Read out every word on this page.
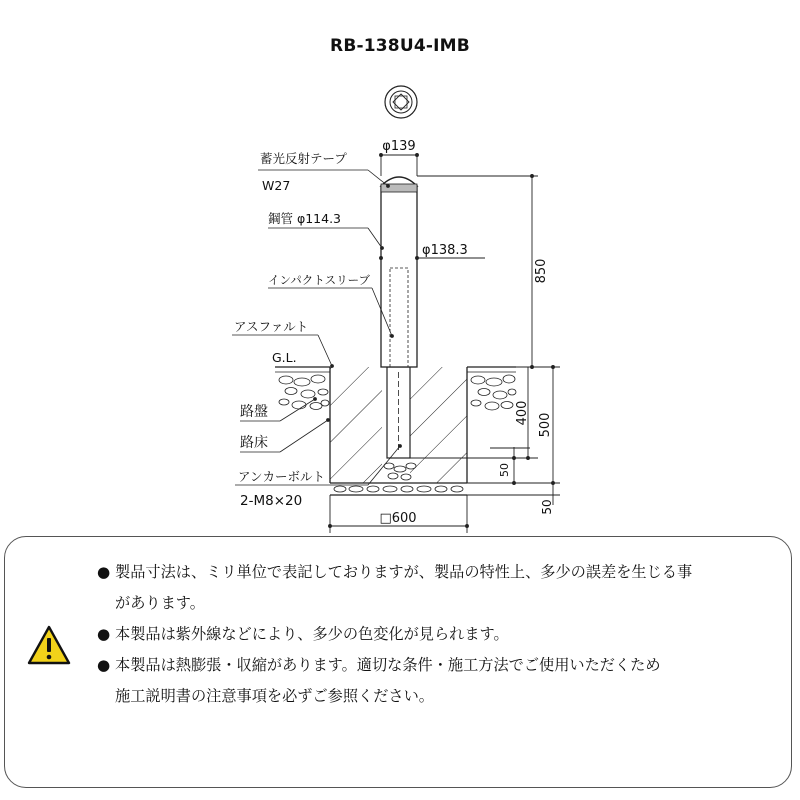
RB-138U4-IMB
蓄光反射テープ
W27
鋼管 φ114.3
インパクトスリーブ
アスファルト
G.L.
路盤
路床
アンカーボルト
2-M8×20
φ139
φ138.3
850
400 500
50
50
□600
● 製品寸法は、ミリ単位で表記しておりますが、製品の特性上、多少の誤差を生じる事
があります。
● 本製品は紫外線などにより、多少の色変化が見られます。
● 本製品は熱膨張・収縮があります。適切な条件・施工方法でご使用いただくため
施工説明書の注意事項を必ずご参照ください。
